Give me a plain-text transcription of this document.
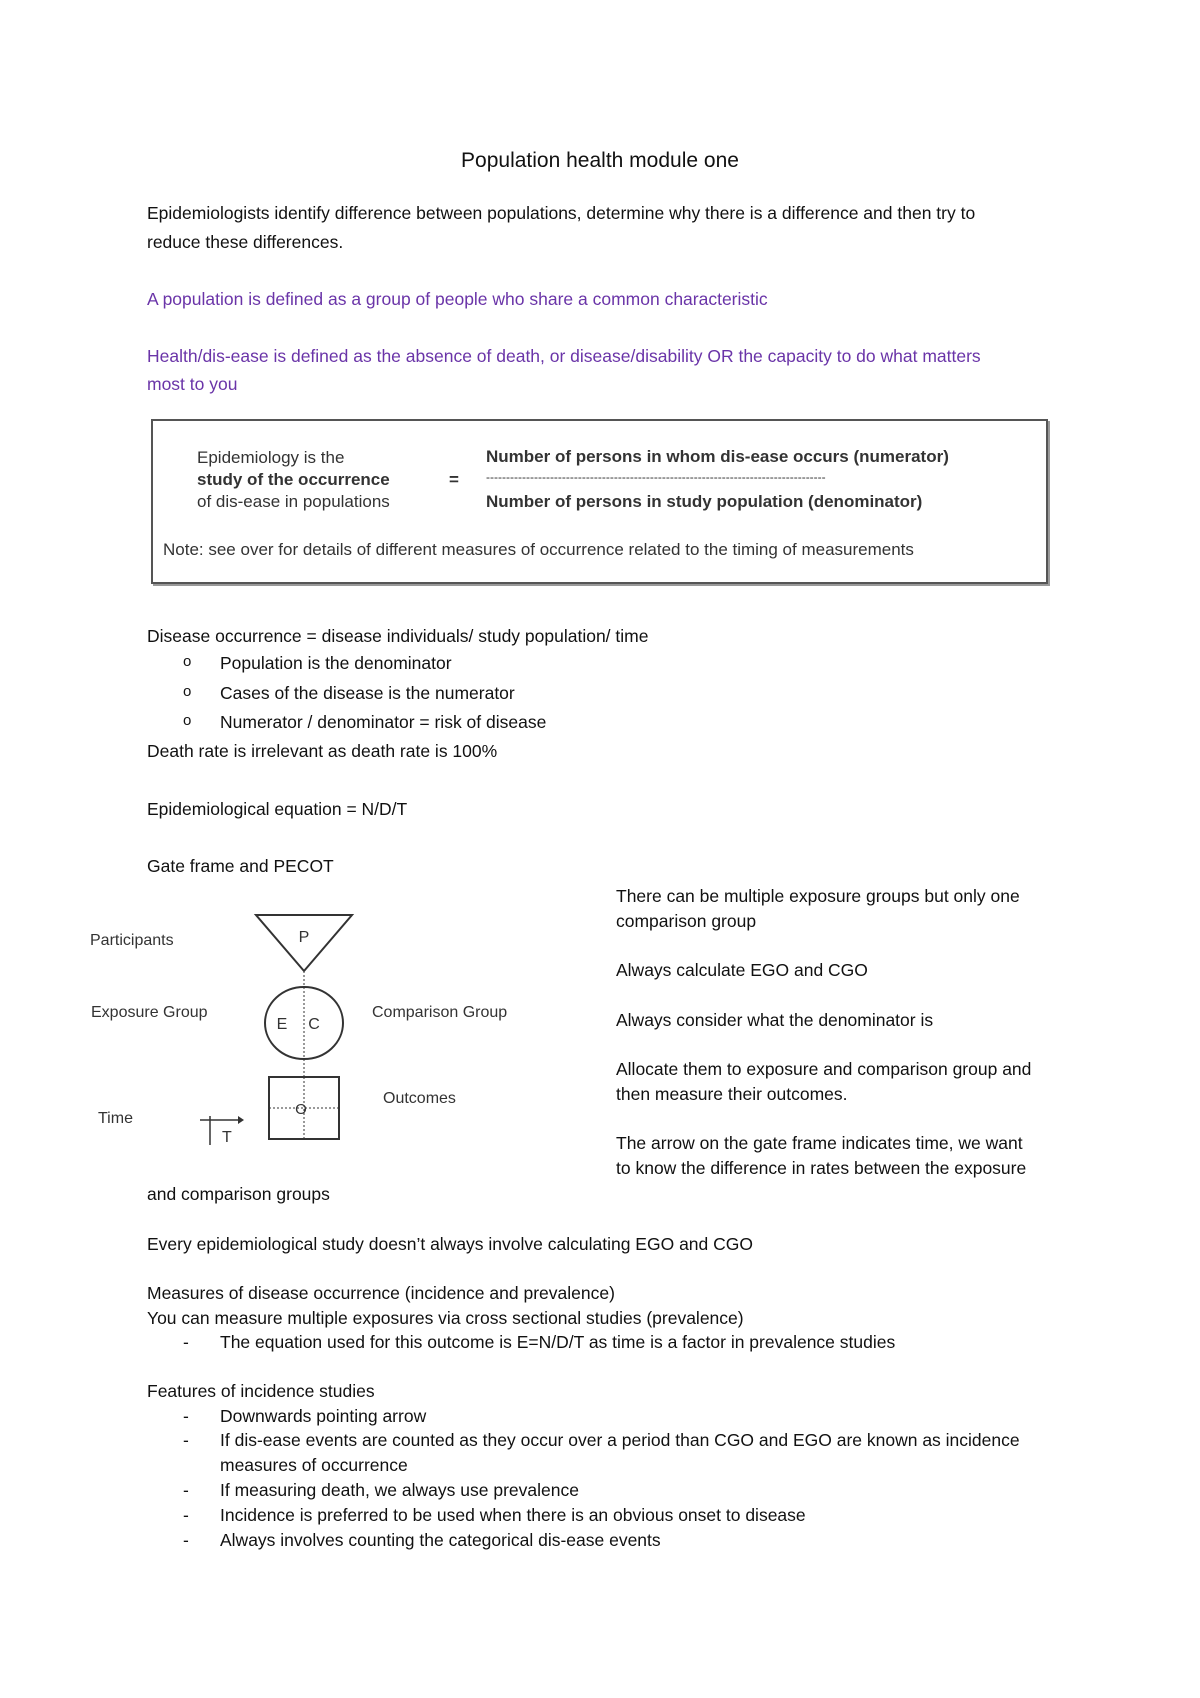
Population health module one
Epidemiologists identify difference between populations, determine why there is a difference and then try to
reduce these differences.
A population is defined as a group of people who share a common characteristic
Health/dis-ease is defined as the absence of death, or disease/disability OR the capacity to do what matters
most to you
Epidemiology is the
study of the occurrence
of dis-ease in populations
=
Number of persons in whom dis-ease occurs (numerator)
-------------------------------------------------------------------------------------
Number of persons in study population (denominator)
Note: see over for details of different measures of occurrence related to the timing of measurements
Disease occurrence = disease individuals/ study population/ time
o Population is the denominator
o Cases of the disease is the numerator
o Numerator / denominator = risk of disease
Death rate is irrelevant as death rate is 100%
Epidemiological equation = N/D/T
Gate frame and PECOT
Participants
Exposure Group	Comparison Group
Outcomes
Time
P
E C
O
T
There can be multiple exposure groups but only one
comparison group
Always calculate EGO and CGO
Always consider what the denominator is
Allocate them to exposure and comparison group and
then measure their outcomes.
The arrow on the gate frame indicates time, we want
to know the difference in rates between the exposure
and comparison groups
Every epidemiological study doesn’t always involve calculating EGO and CGO
Measures of disease occurrence (incidence and prevalence)
You can measure multiple exposures via cross sectional studies (prevalence)
- The equation used for this outcome is E=N/D/T as time is a factor in prevalence studies
Features of incidence studies
- Downwards pointing arrow
- If dis-ease events are counted as they occur over a period than CGO and EGO are known as incidence
measures of occurrence
- If measuring death, we always use prevalence
- Incidence is preferred to be used when there is an obvious onset to disease
- Always involves counting the categorical dis-ease events
